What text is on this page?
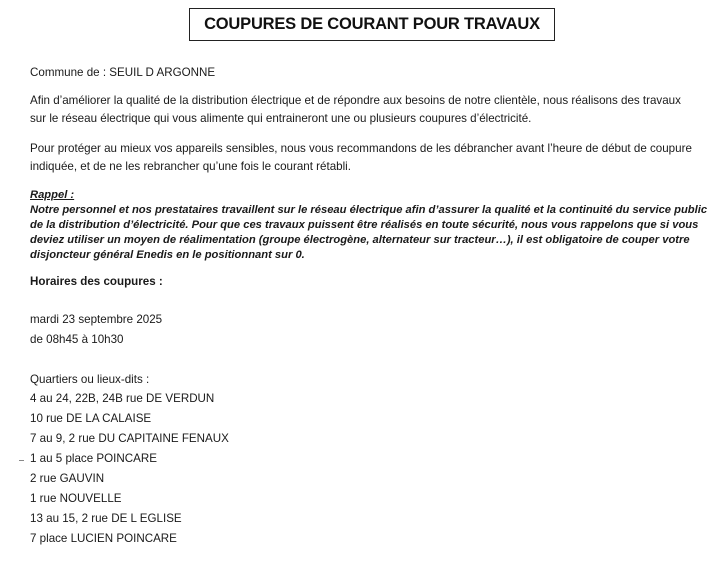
COUPURES DE COURANT POUR TRAVAUX
Commune de : SEUIL D ARGONNE
Afin d’améliorer la qualité de la distribution électrique et de répondre aux besoins de notre clientèle, nous réalisons des travaux
sur le réseau électrique qui vous alimente qui entraineront une ou plusieurs coupures d’électricité.
Pour protéger au mieux vos appareils sensibles, nous vous recommandons de les débrancher avant l’heure de début de coupure
indiquée, et de ne les rebrancher qu’une fois le courant rétabli.
Rappel :
Notre personnel et nos prestataires travaillent sur le réseau électrique afin d’assurer la qualité et la continuité du service public
de la distribution d’électricité. Pour que ces travaux puissent être réalisés en toute sécurité, nous vous rappelons que si vous
deviez utiliser un moyen de réalimentation (groupe électrogène, alternateur sur tracteur…), il est obligatoire de couper votre
disjoncteur général Enedis en le positionnant sur 0.
Horaires des coupures :
mardi 23 septembre 2025
de 08h45 à 10h30
Quartiers ou lieux-dits :
4 au 24, 22B, 24B rue DE VERDUN
10 rue DE LA CALAISE
7 au 9, 2 rue DU CAPITAINE FENAUX
1 au 5 place POINCARE
2 rue GAUVIN
1 rue NOUVELLE
13 au 15, 2 rue DE L EGLISE
7 place LUCIEN POINCARE
